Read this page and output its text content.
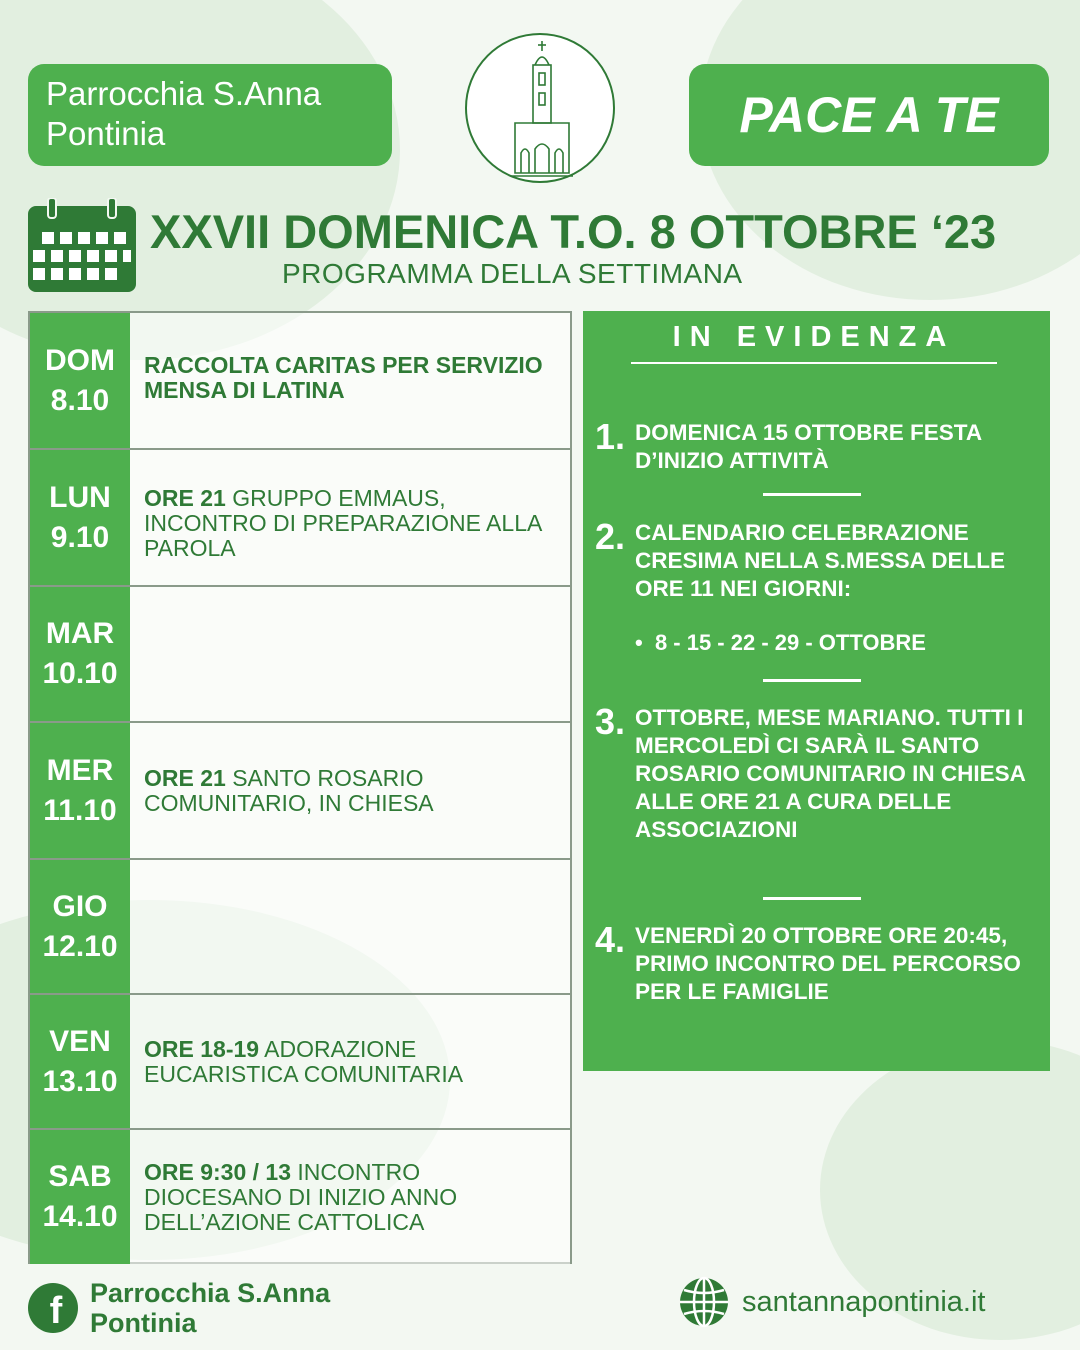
Parrocchia S.Anna
Pontinia	PACE A TE
XXVII DOMENICA T.O. 8 OTTOBRE ‘23
PROGRAMMA DELLA SETTIMANA
DOM
8.10
RACCOLTA CARITAS PER SERVIZIO MENSA DI LATINA
LUN
9.10
ORE 21 GRUPPO EMMAUS, INCONTRO DI PREPARAZIONE ALLA PAROLA
MAR
10.10
MER
11.10
ORE 21 SANTO ROSARIO COMUNITARIO, IN CHIESA
GIO
12.10
VEN
13.10
ORE 18-19 ADORAZIONE EUCARISTICA COMUNITARIA
SAB
14.10
ORE 9:30 / 13 INCONTRO DIOCESANO DI INIZIO ANNO DELL’AZIONE CATTOLICA
IN EVIDENZA
1. DOMENICA 15 OTTOBRE FESTA D’INIZIO ATTIVITÀ
2. CALENDARIO CELEBRAZIONE CRESIMA NELLA S.MESSA DELLE ORE 11 NEI GIORNI:
•  8 - 15 - 22 - 29 - OTTOBRE
3. OTTOBRE, MESE MARIANO. TUTTI I MERCOLEDÌ CI SARÀ IL SANTO ROSARIO COMUNITARIO IN CHIESA ALLE ORE 21 A CURA DELLE ASSOCIAZIONI
4. VENERDÌ 20 OTTOBRE ORE 20:45, PRIMO INCONTRO DEL PERCORSO PER LE FAMIGLIE
f Parrocchia S.Anna
Pontinia
santannapontinia.it
